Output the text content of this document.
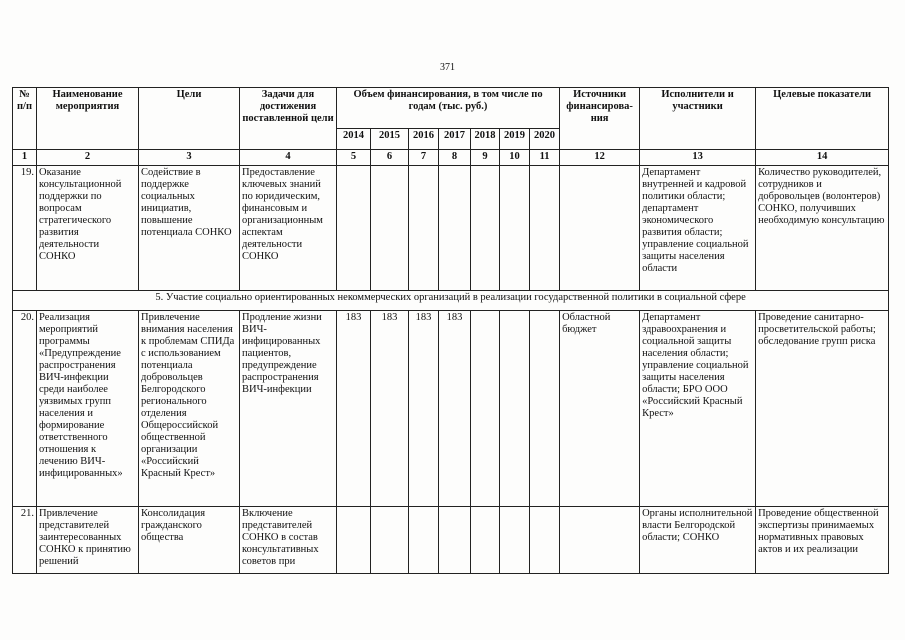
371
№ п/п	Наименование мероприятия	Цели	Задачи для достижения поставленной цели	Объем финансирования, в том числе по годам (тыс. руб.)							Источники финансирова-ния	Исполнители и участники	Целевые показатели
				2014	2015	2016	2017	2018	2019	2020			
1	2	3	4	5	6	7	8	9	10	11	12	13	14
19.	Оказание консультационной поддержки по вопросам стратегического развития деятельности СОНКО	Содействие в поддержке социальных инициатив, повышение потенциала СОНКО	Предоставление ключевых знаний по юридическим, финансовым и организационным аспектам деятельности СОНКО									Департамент внутренней и кадровой политики области; департамент экономического развития области; управление социальной защиты населения области	Количество руководителей, сотрудников и добровольцев (волонтеров) СОНКО, получивших необходимую консультацию
5. Участие социально ориентированных некоммерческих организаций в реализации государственной политики в социальной сфере													
20.	Реализация мероприятий программы «Предупреждение распространения ВИЧ-инфекции среди наиболее уязвимых групп населения и формирование ответственного отношения к лечению ВИЧ-инфицированных»	Привлечение внимания населения к проблемам СПИДа с использованием потенциала добровольцев Белгородского регионального отделения Общероссийской общественной организации «Российский Красный Крест»	Продление жизни ВИЧ-инфицированных пациентов, предупреждение распространения ВИЧ-инфекции	183	183	183	183				Областной бюджет	Департамент здравоохранения и социальной защиты населения области; управление социальной защиты населения области; БРО ООО «Российский Красный Крест»	Проведение санитарно-просветительской работы; обследование групп риска
21.	Привлечение представителей заинтересованных СОНКО к принятию решений	Консолидация гражданского общества	Включение представителей СОНКО в состав консультативных советов при									Органы исполнительной власти Белгородской области; СОНКО	Проведение общественной экспертизы принимаемых нормативных правовых актов и их реализации
